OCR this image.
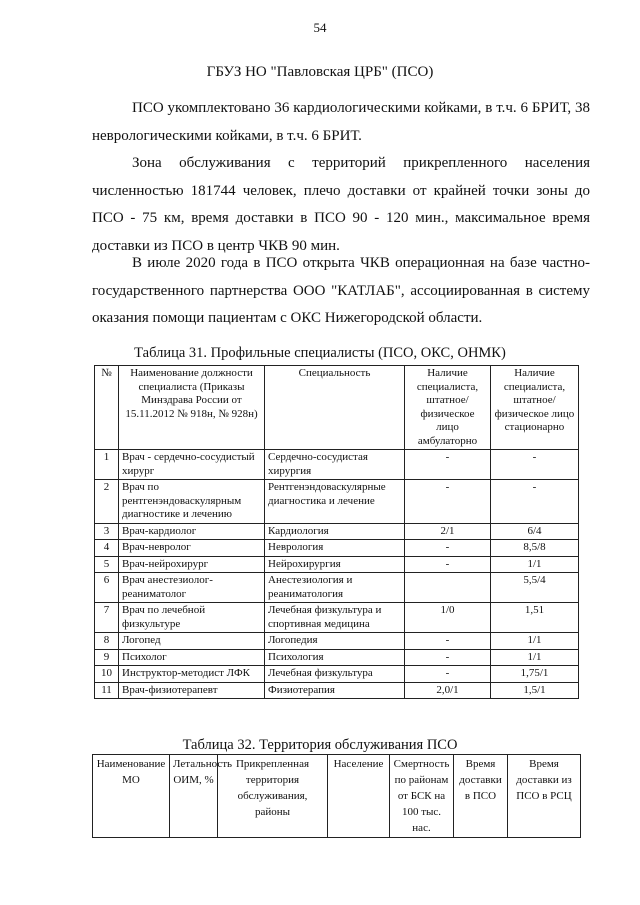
54
ГБУЗ НО "Павловская ЦРБ" (ПСО)

ПСО укомплектовано 36 кардиологическими койками, в т.ч. 6 БРИТ, 38 неврологическими койками, в т.ч. 6 БРИТ.

Зона обслуживания с территорий прикрепленного населения численностью 181744 человек, плечо доставки от крайней точки зоны до ПСО - 75 км, время доставки в ПСО 90 - 120 мин., максимальное время доставки из ПСО в центр ЧКВ 90 мин.

В июле 2020 года в ПСО открыта ЧКВ операционная на базе частно-государственного партнерства ООО "КАТЛАБ", ассоциированная в систему оказания помощи пациентам с ОКС Нижегородской области.

Таблица 31. Профильные специалисты (ПСО, ОКС, ОНМК)
№	Наименование должности специалиста (Приказы Минздрава России от 15.11.2012 № 918н, № 928н)	Специальность	Наличие специалиста, штатное/физическое лицо амбулаторно	Наличие специалиста, штатное/физическое лицо стационарно
1	Врач - сердечно-сосудистый хирург	Сердечно-сосудистая хирургия	-	-
2	Врач по рентгенэндоваскулярным диагностике и лечению	Рентгенэндоваскулярные диагностика и лечение	-	-
3	Врач-кардиолог	Кардиология	2/1	6/4
4	Врач-невролог	Неврология	-	8,5/8
5	Врач-нейрохирург	Нейрохирургия	-	1/1
6	Врач анестезиолог-реаниматолог	Анестезиология и реаниматология		5,5/4
7	Врач по лечебной физкультуре	Лечебная физкультура и спортивная медицина	1/0	1,51
8	Логопед	Логопедия	-	1/1
9	Психолог	Психология	-	1/1
10	Инструктор-методист ЛФК	Лечебная физкультура	-	1,75/1
11	Врач-физиотерапевт	Физиотерапия	2,0/1	1,5/1
Таблица 32. Территория обслуживания ПСО
Наименование МО	Летальность ОИМ, %	Прикрепленная территория обслуживания, районы	Население	Смертность по районам от БСК на 100 тыс. нас.	Время доставки в ПСО	Время доставки из ПСО в РСЦ
